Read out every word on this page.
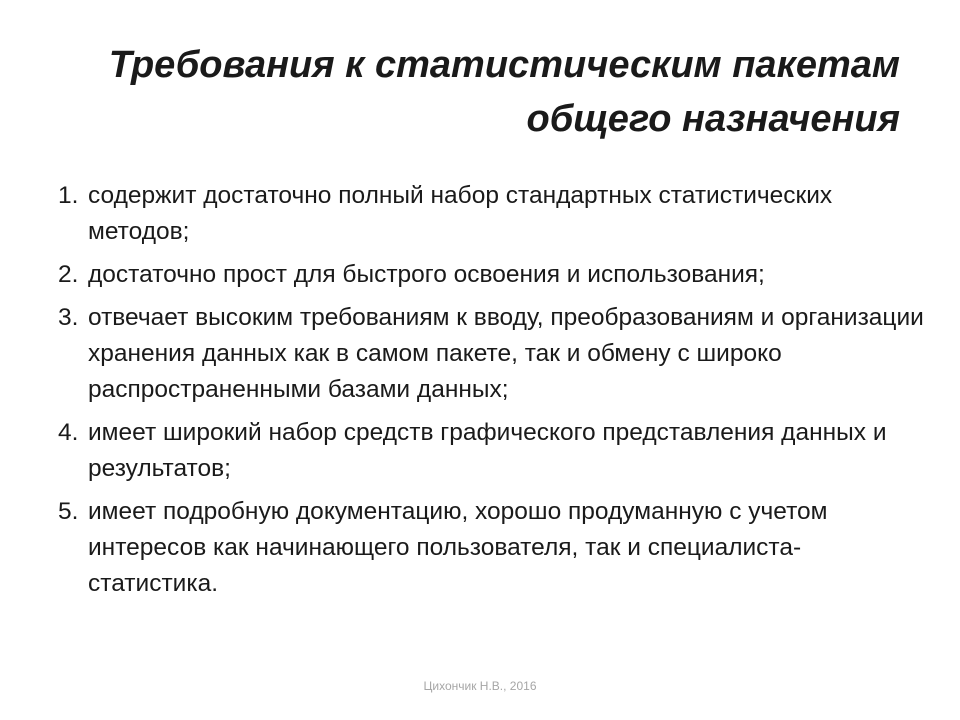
Требования к статистическим пакетам
общего назначения
1. содержит достаточно полный набор стандартных статистических методов;
2. достаточно прост для быстрого освоения и использования;
3. отвечает высоким требованиям к вводу, преобразованиям и организации хранения данных как в самом пакете, так и обмену с широко распространенными базами данных;
4. имеет широкий набор средств графического представления данных и результатов;
5. имеет подробную документацию, хорошо продуманную с учетом интересов как начинающего пользователя, так и специалиста-статистика.
Цихончик Н.В., 2016
